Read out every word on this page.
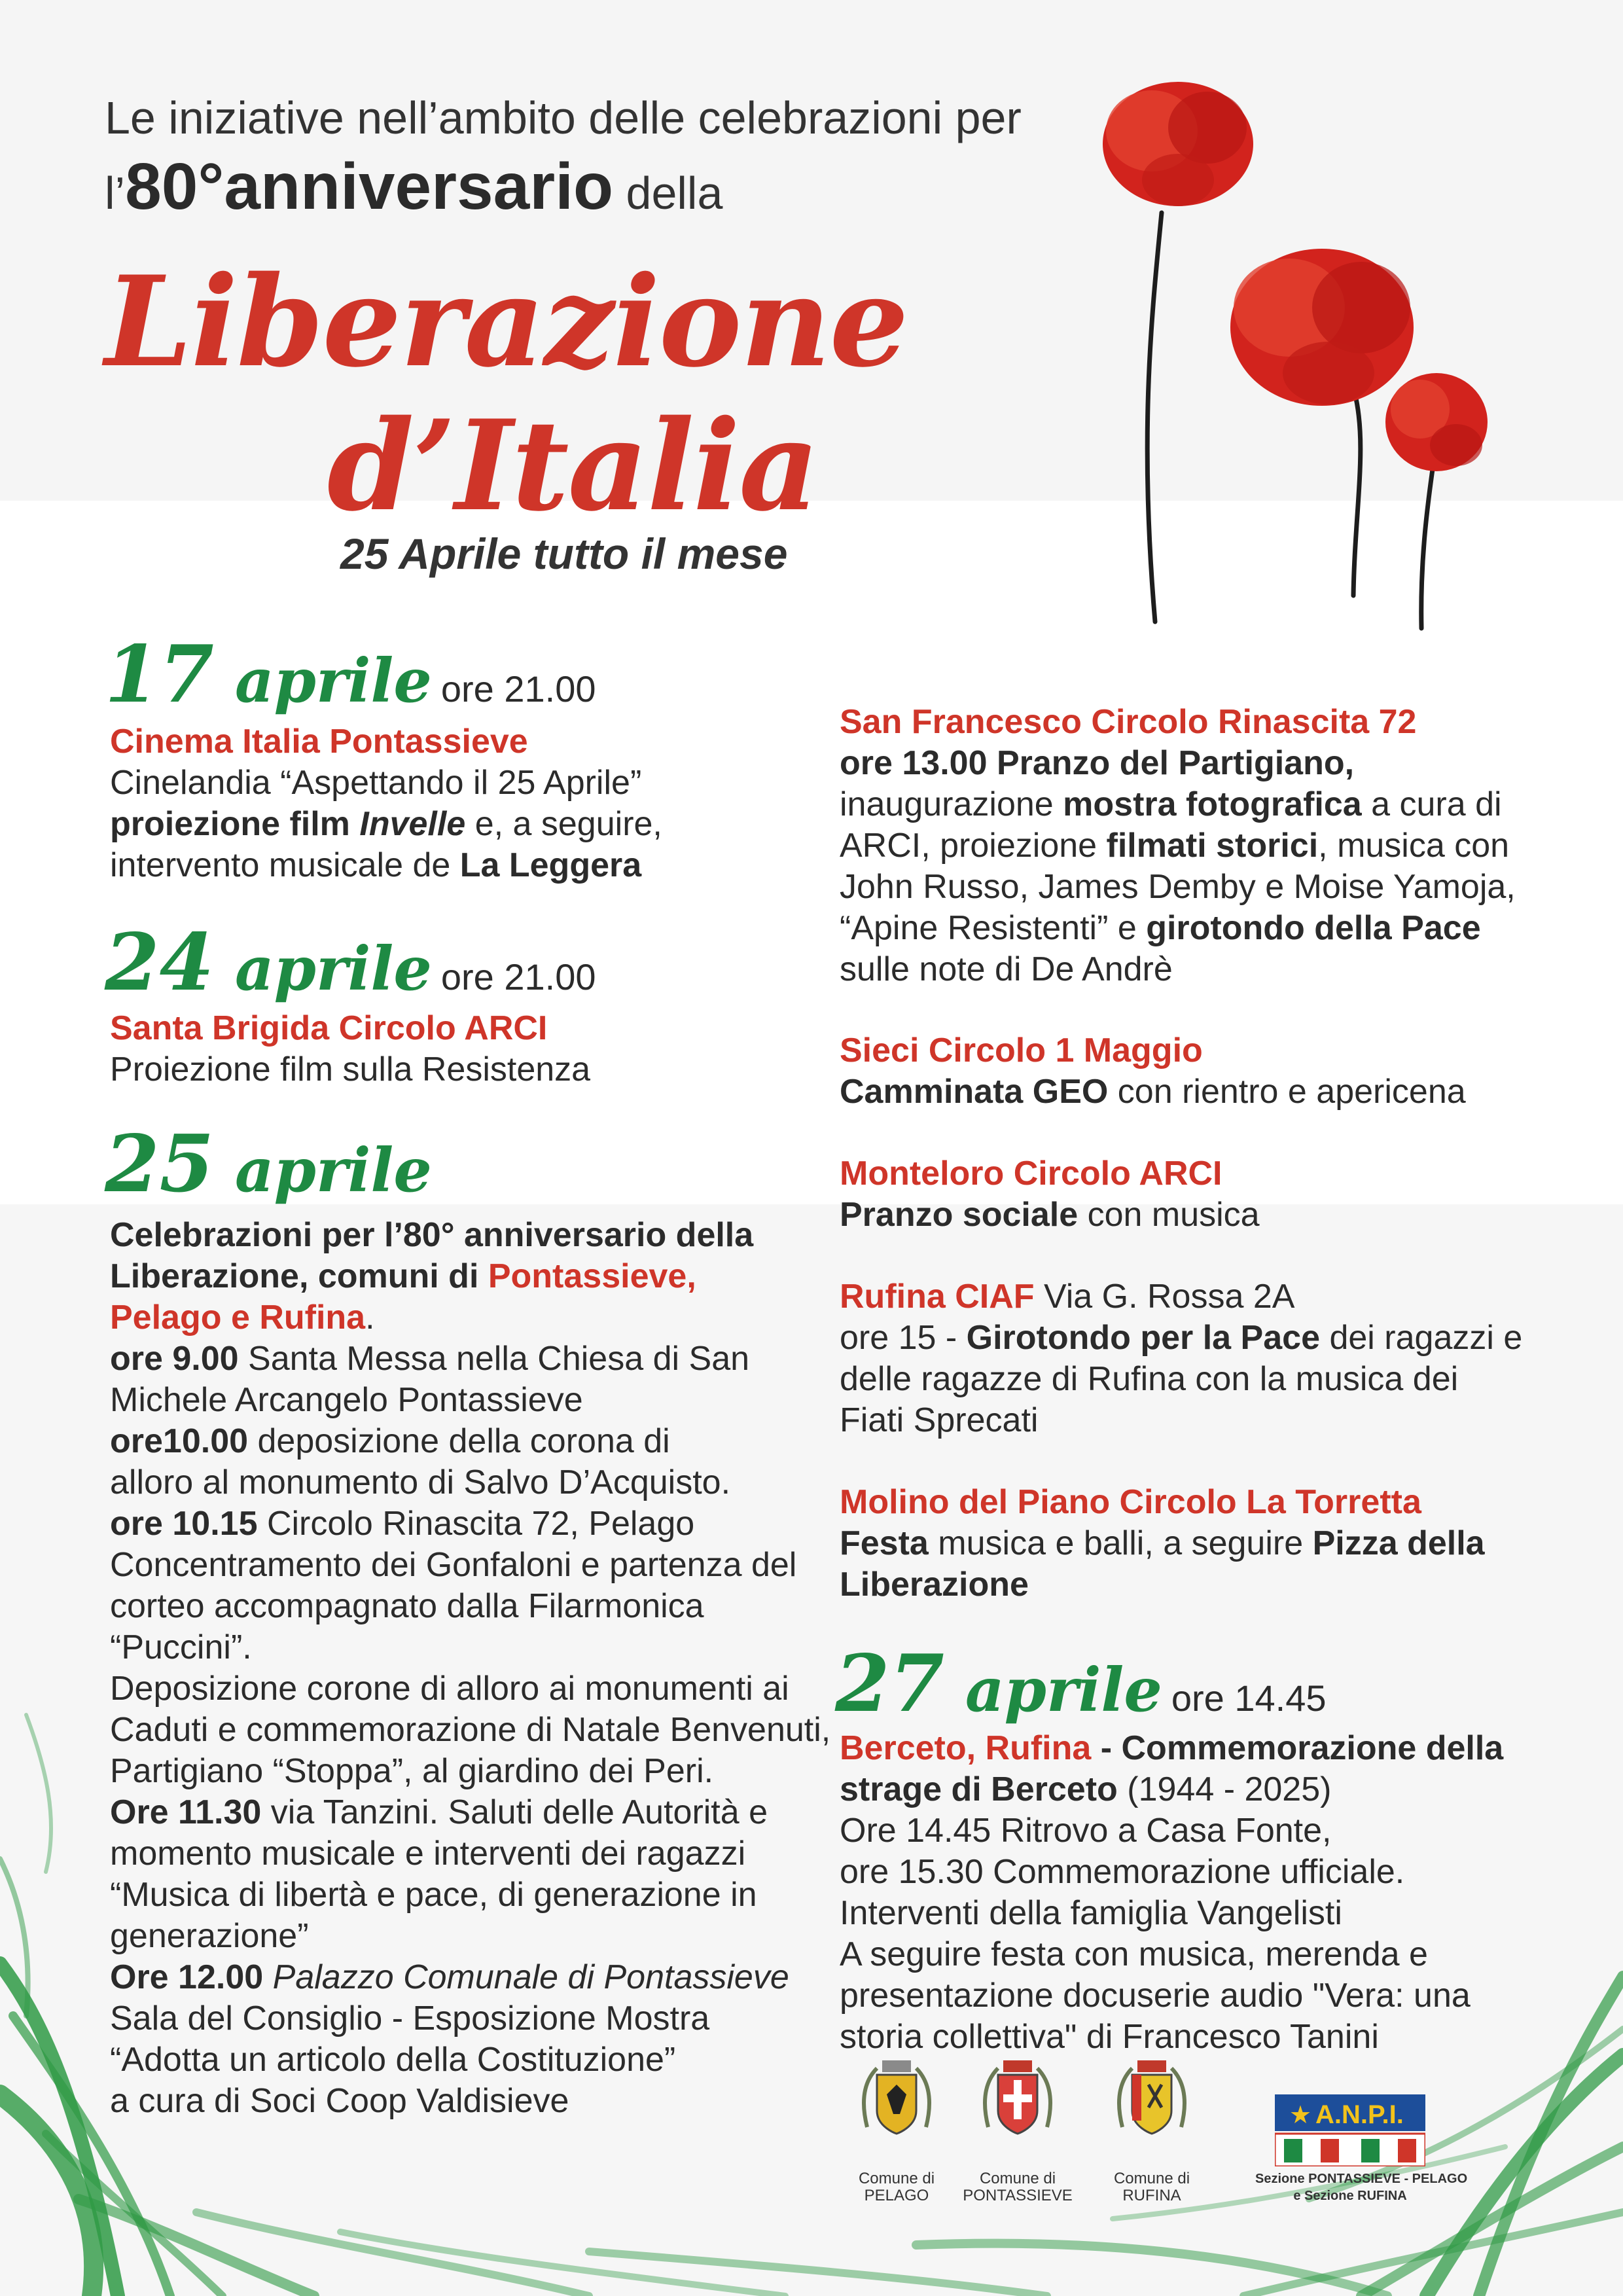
Le iniziative nell’ambito delle celebrazioni per
l’80°anniversario della
Liberazione
d’Italia
25 Aprile tutto il mese
17 aprile ore 21.00
Cinema Italia Pontassieve
Cinelandia “Aspettando il 25 Aprile”
proiezione film Invelle e, a seguire,
intervento musicale de La Leggera
24 aprile ore 21.00
Santa Brigida Circolo ARCI
Proiezione film sulla Resistenza
25 aprile
Celebrazioni per l’80° anniversario della
Liberazione, comuni di Pontassieve,
Pelago e Rufina.
ore 9.00 Santa Messa nella Chiesa di San
Michele Arcangelo Pontassieve
ore10.00 deposizione della corona di
alloro al monumento di Salvo D’Acquisto.
ore 10.15 Circolo Rinascita 72, Pelago
Concentramento dei Gonfaloni e partenza del
corteo accompagnato dalla Filarmonica
“Puccini”.
Deposizione corone di alloro ai monumenti ai
Caduti e commemorazione di Natale Benvenuti,
Partigiano “Stoppa”, al giardino dei Peri.
Ore 11.30 via Tanzini. Saluti delle Autorità e
momento musicale e interventi dei ragazzi
“Musica di libertà e pace, di generazione in
generazione”
Ore 12.00 Palazzo Comunale di Pontassieve
Sala del Consiglio - Esposizione Mostra
“Adotta un articolo della Costituzione”
a cura di Soci Coop Valdisieve
San Francesco Circolo Rinascita 72
ore 13.00 Pranzo del Partigiano,
inaugurazione mostra fotografica a cura di
ARCI, proiezione filmati storici, musica con
John Russo, James Demby e Moise Yamoja,
“Apine Resistenti” e girotondo della Pace
sulle note di De Andrè
Sieci Circolo 1 Maggio
Camminata GEO con rientro e apericena
Monteloro Circolo ARCI
Pranzo sociale con musica
Rufina CIAF Via G. Rossa 2A
ore 15 - Girotondo per la Pace dei ragazzi e
delle ragazze di Rufina con la musica dei
Fiati Sprecati
Molino del Piano Circolo La Torretta
Festa musica e balli, a seguire Pizza della
Liberazione
27 aprile ore 14.45
Berceto, Rufina - Commemorazione della
strage di Berceto (1944 - 2025)
Ore 14.45 Ritrovo a Casa Fonte,
ore 15.30 Commemorazione ufficiale.
Interventi della famiglia Vangelisti
A seguire festa con musica, merenda e
presentazione docuserie audio "Vera: una
storia collettiva" di Francesco Tanini
Comune di
PELAGO
Comune di
PONTASSIEVE
Comune di
RUFINA
★ A.N.P.I.
Sezione PONTASSIEVE - PELAGO
e Sezione RUFINA
